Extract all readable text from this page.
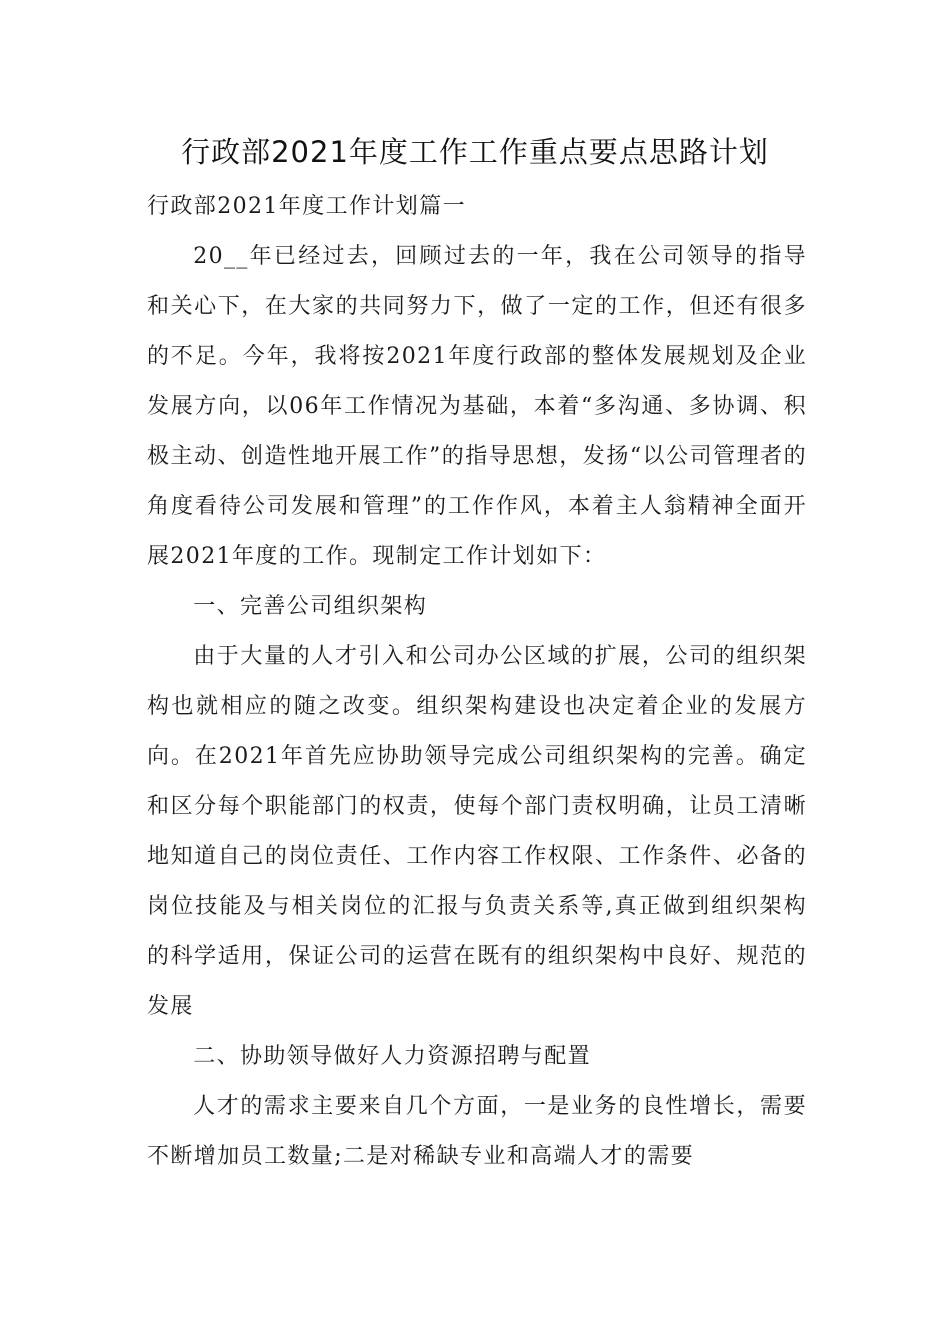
行政部2021年度工作工作重点要点思路计划

行政部2021年度工作计划篇一

20__年已经过去，回顾过去的一年，我在公司领导的指导和关心下，在大家的共同努力下，做了一定的工作，但还有很多的不足。今年，我将按2021年度行政部的整体发展规划及企业发展方向，以06年工作情况为基础，本着“多沟通、多协调、积极主动、创造性地开展工作”的指导思想，发扬“以公司管理者的角度看待公司发展和管理”的工作作风，本着主人翁精神全面开展2021年度的工作。现制定工作计划如下：

一、完善公司组织架构

由于大量的人才引入和公司办公区域的扩展，公司的组织架构也就相应的随之改变。组织架构建设也决定着企业的发展方向。在2021年首先应协助领导完成公司组织架构的完善。确定和区分每个职能部门的权责，使每个部门责权明确，让员工清晰地知道自己的岗位责任、工作内容工作权限、工作条件、必备的岗位技能及与相关岗位的汇报与负责关系等,真正做到组织架构的科学适用，保证公司的运营在既有的组织架构中良好、规范的发展

二、协助领导做好人力资源招聘与配置

人才的需求主要来自几个方面，一是业务的良性增长，需要不断增加员工数量;二是对稀缺专业和高端人才的需要
